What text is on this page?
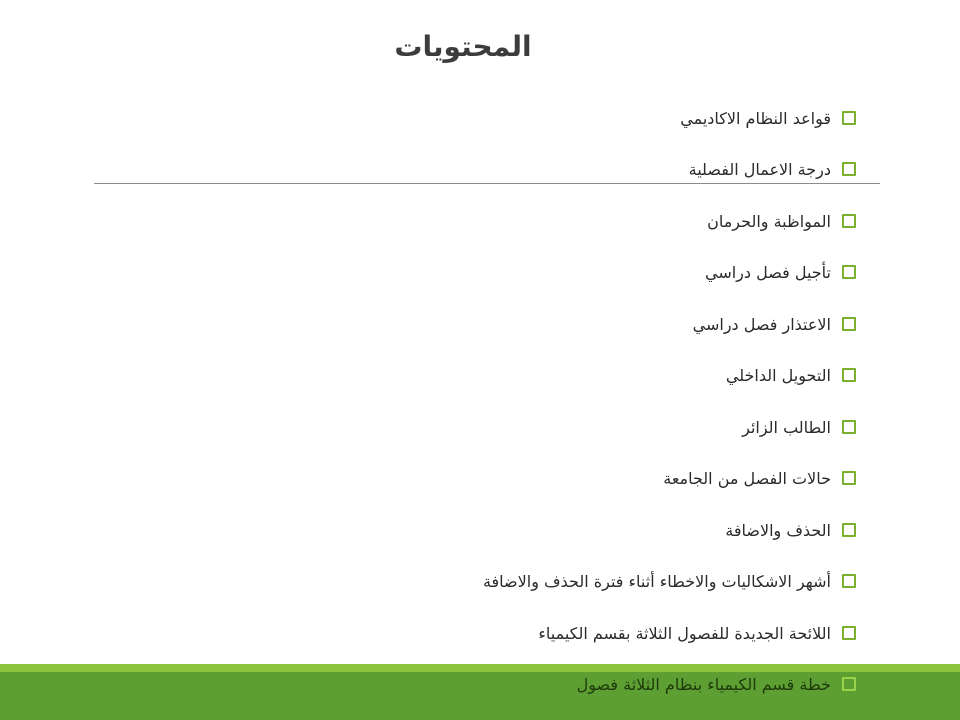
المحتويات
قواعد النظام الاكاديمي
درجة الاعمال الفصلية
المواظبة والحرمان
تأجيل فصل دراسي
الاعتذار فصل دراسي
التحويل الداخلي
الطالب الزائر
حالات الفصل من الجامعة
الحذف والاضافة
أشهر الاشكاليات والاخطاء أثناء فترة الحذف والاضافة
اللائحة الجديدة للفصول الثلاثة بقسم الكيمياء
خطة قسم الكيمياء بنظام الثلاثة فصول
